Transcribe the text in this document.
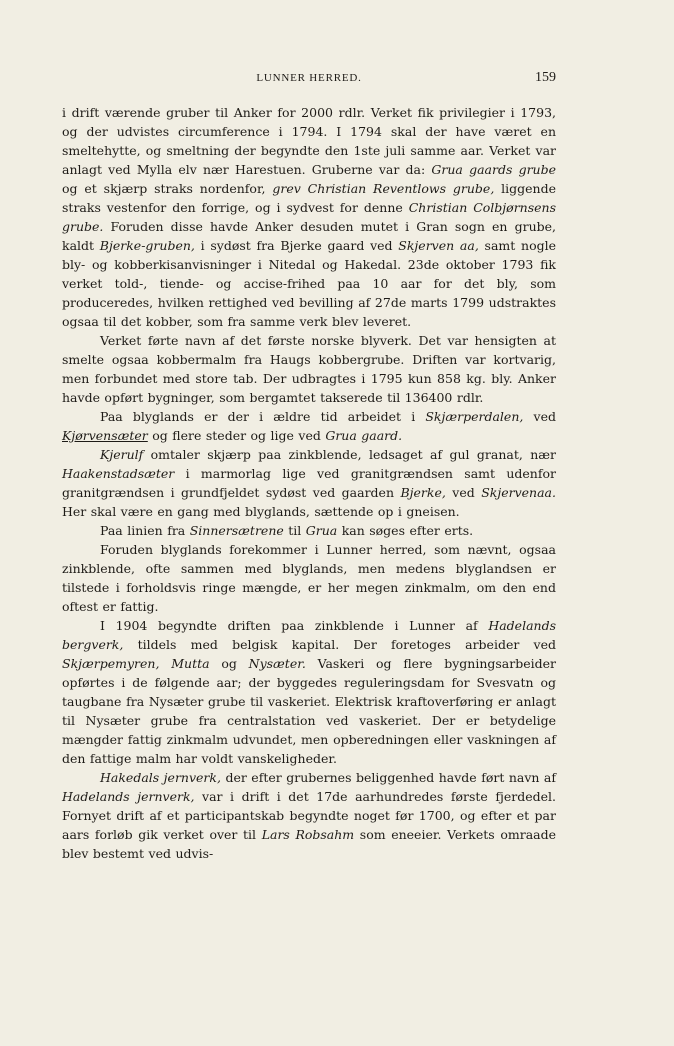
LUNNER HERRED.	159

i drift værende gruber til Anker for 2000 rdlr. Verket fik privilegier i 1793, og der udvistes circumference i 1794. I 1794 skal der have været en smeltehytte, og smeltning der begyndte den 1ste juli samme aar. Verket var anlagt ved Mylla elv nær Harestuen. Gruberne var da: Grua gaards grube og et skjærp straks nordenfor, grev Christian Reventlows grube, liggende straks vestenfor den forrige, og i sydvest for denne Christian Colbjørnsens grube. Foruden disse havde Anker desuden mutet i Gran sogn en grube, kaldt Bjerke-gruben, i sydøst fra Bjerke gaard ved Skjerven aa, samt nogle bly- og kobberkisanvisninger i Nitedal og Hakedal. 23de oktober 1793 fik verket told-, tiende- og accise-frihed paa 10 aar for det bly, som produceredes, hvilken rettighed ved bevilling af 27de marts 1799 udstraktes ogsaa til det kobber, som fra samme verk blev leveret.

Verket førte navn af det første norske blyverk. Det var hensigten at smelte ogsaa kobbermalm fra Haugs kobbergrube. Driften var kortvarig, men forbundet med store tab. Der udbragtes i 1795 kun 858 kg. bly. Anker havde opført bygninger, som bergamtet takserede til 136400 rdlr.

Paa blyglands er der i ældre tid arbeidet i Skjærperdalen, ved Kjørvensæter og flere steder og lige ved Grua gaard.

Kjerulf omtaler skjærp paa zinkblende, ledsaget af gul granat, nær Haakenstadsæter i marmorlag lige ved granitgrændsen samt udenfor granitgrændsen i grundfjeldet sydøst ved gaarden Bjerke, ved Skjervenaa. Her skal være en gang med blyglands, sættende op i gneisen.

Paa linien fra Sinnersætrene til Grua kan søges efter erts.

Foruden blyglands forekommer i Lunner herred, som nævnt, ogsaa zinkblende, ofte sammen med blyglands, men medens blyglandsen er tilstede i forholdsvis ringe mængde, er her megen zinkmalm, om den end oftest er fattig.

I 1904 begyndte driften paa zinkblende i Lunner af Hadelands bergverk, tildels med belgisk kapital. Der foretoges arbeider ved Skjærpemyren, Mutta og Nysæter. Vaskeri og flere bygningsarbeider opførtes i de følgende aar; der byggedes reguleringsdam for Svesvatn og taugbane fra Nysæter grube til vaskeriet. Elektrisk kraftoverføring er anlagt til Nysæter grube fra centralstation ved vaskeriet. Der er betydelige mængder fattig zinkmalm udvundet, men opberedningen eller vaskningen af den fattige malm har voldt vanskeligheder.

Hakedals jernverk, der efter grubernes beliggenhed havde ført navn af Hadelands jernverk, var i drift i det 17de aarhundredes første fjerdedel. Fornyet drift af et participantskab begyndte noget før 1700, og efter et par aars forløb gik verket over til Lars Robsahm som eneeier. Verkets omraade blev bestemt ved udvis-
